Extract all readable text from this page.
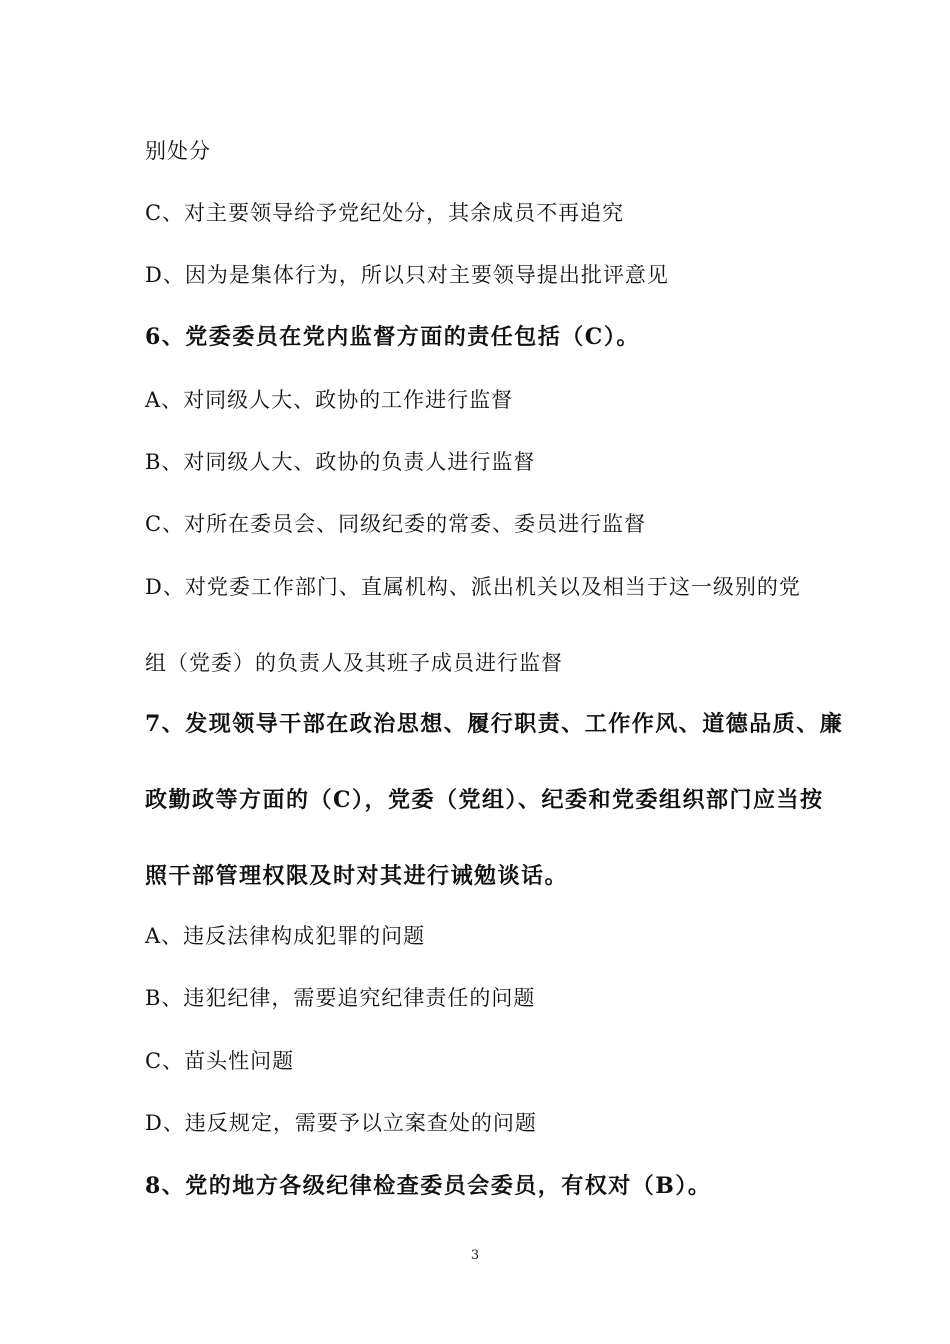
别处分
C、对主要领导给予党纪处分，其余成员不再追究
D、因为是集体行为，所以只对主要领导提出批评意见
6、党委委员在党内监督方面的责任包括（C）。
A、对同级人大、政协的工作进行监督
B、对同级人大、政协的负责人进行监督
C、对所在委员会、同级纪委的常委、委员进行监督
D、对党委工作部门、直属机构、派出机关以及相当于这一级别的党
组（党委）的负责人及其班子成员进行监督
7、发现领导干部在政治思想、履行职责、工作作风、道德品质、廉
政勤政等方面的（C），党委（党组）、纪委和党委组织部门应当按
照干部管理权限及时对其进行诫勉谈话。
A、违反法律构成犯罪的问题
B、违犯纪律，需要追究纪律责任的问题
C、苗头性问题
D、违反规定，需要予以立案查处的问题
8、党的地方各级纪律检查委员会委员，有权对（B）。
3
